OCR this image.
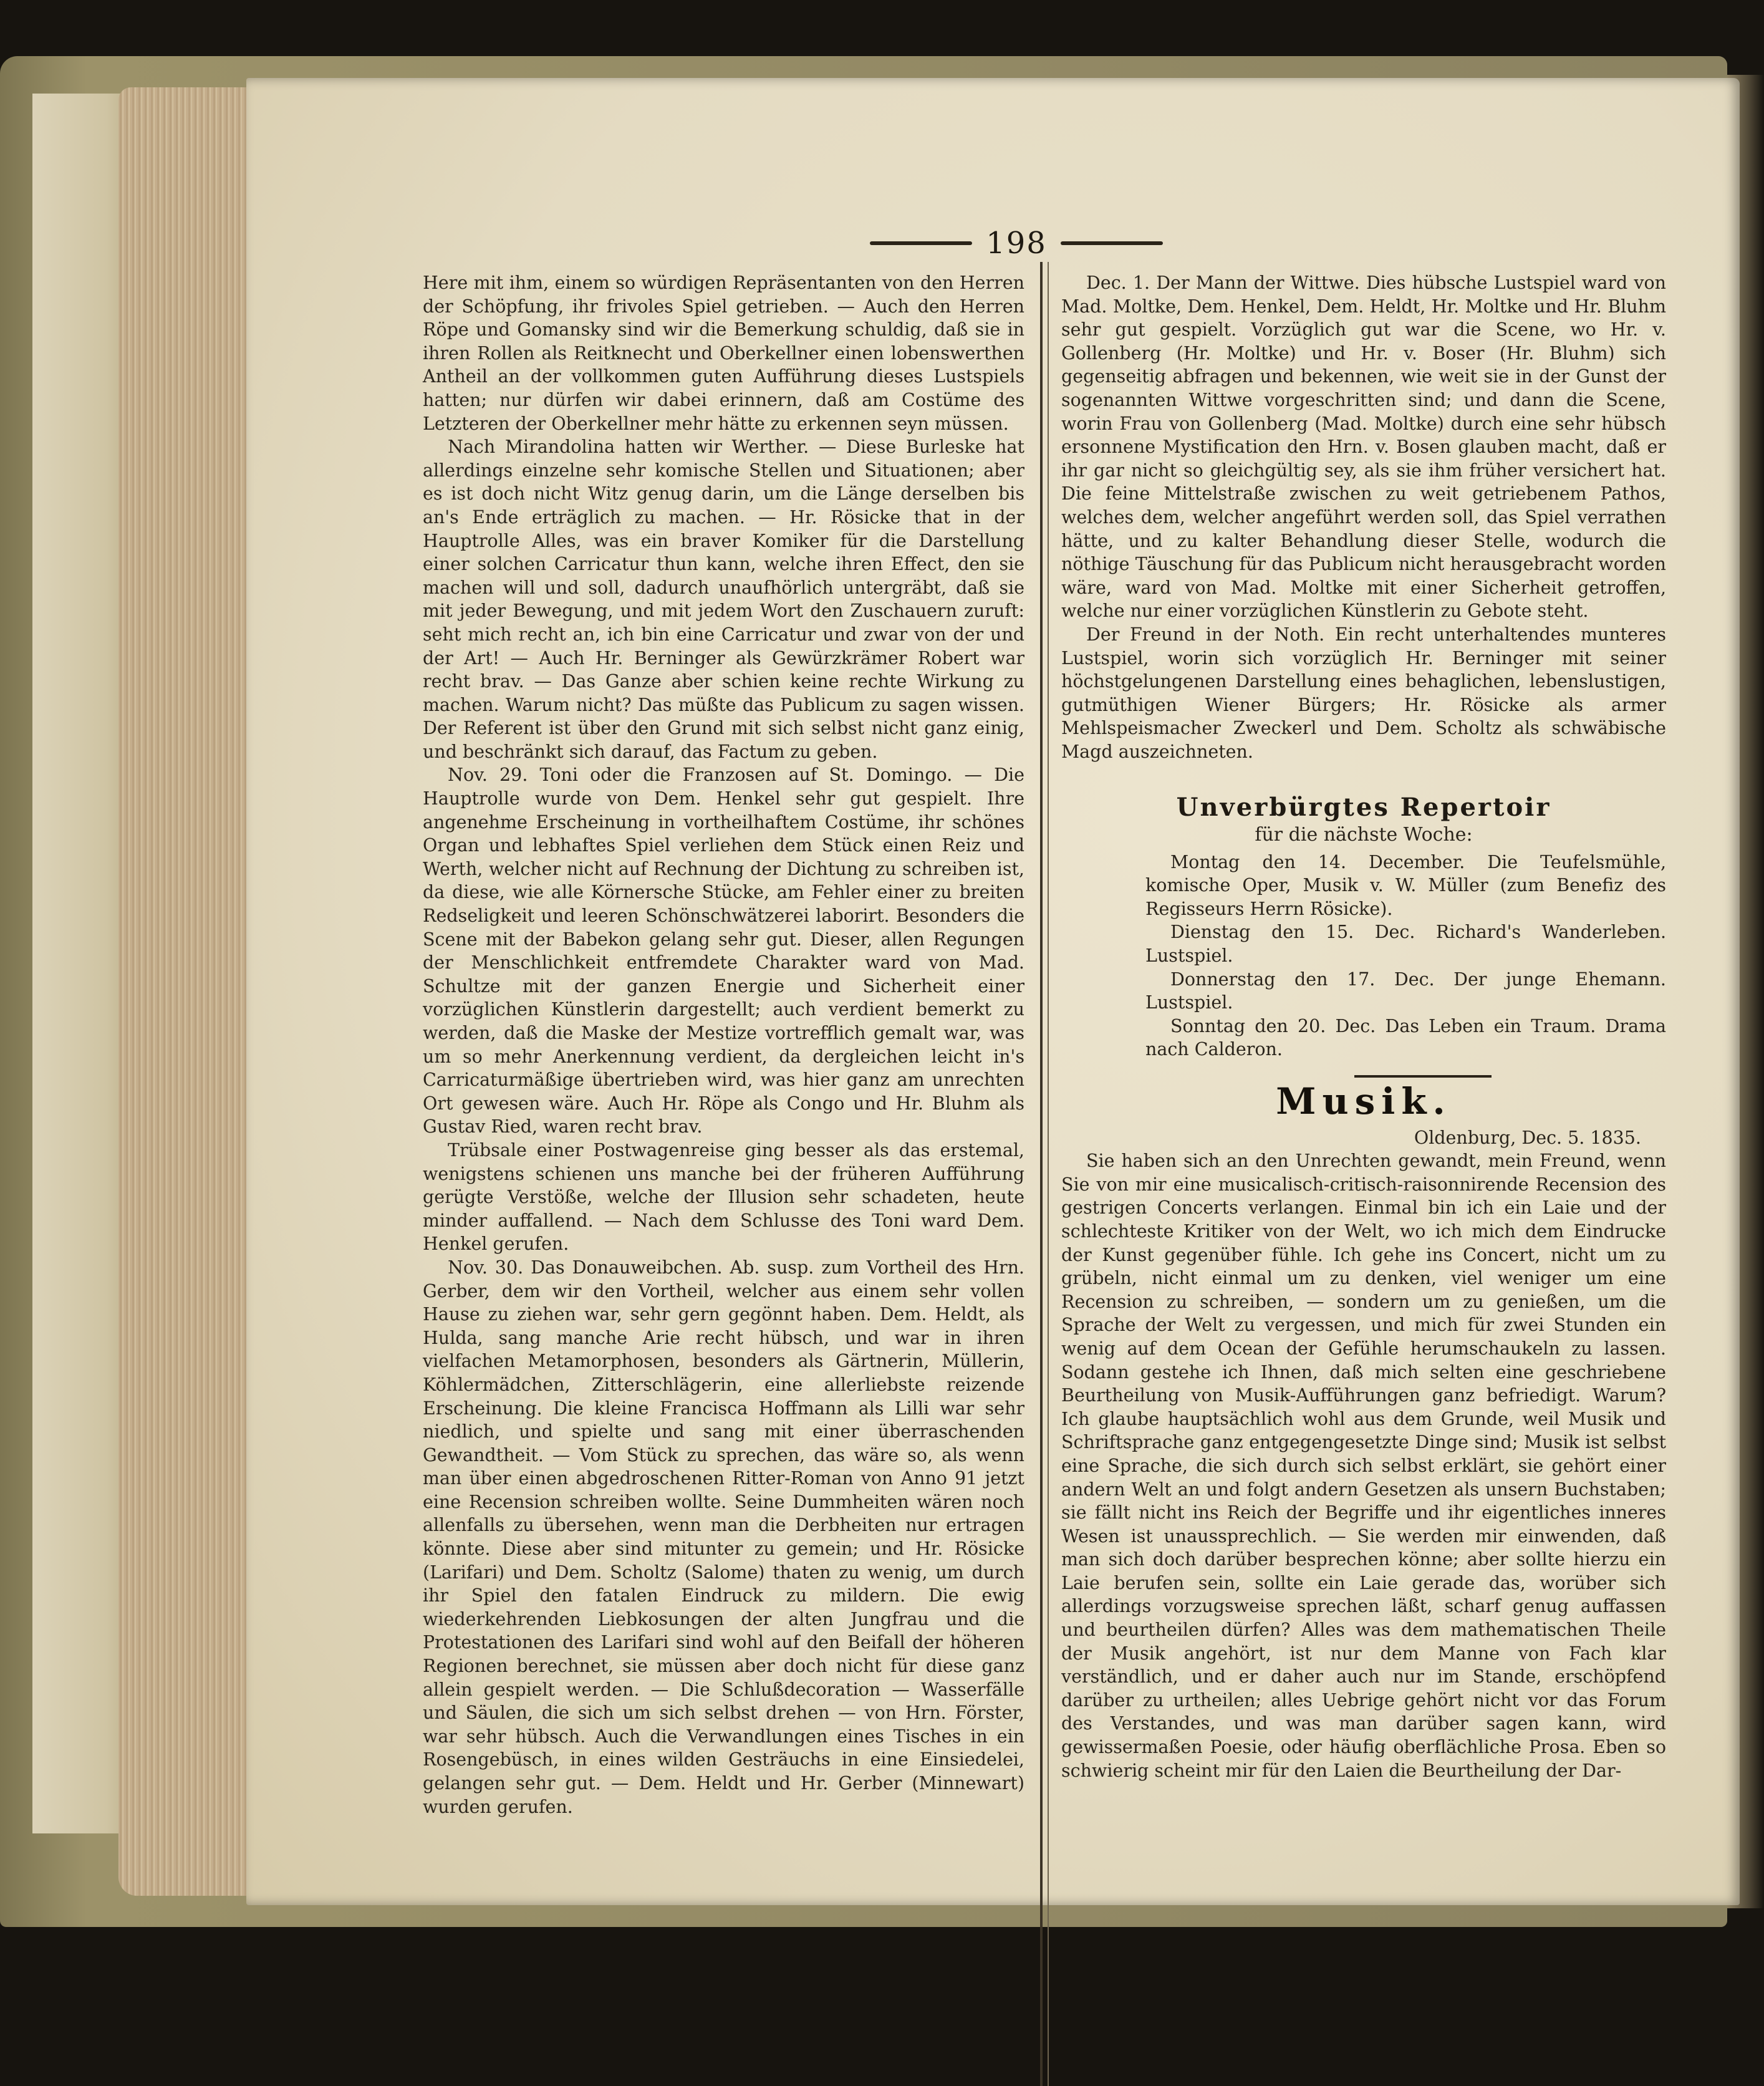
198

Here mit ihm, einem so würdigen Repräsentanten von den Herren der Schöpfung, ihr frivoles Spiel getrieben. — Auch den Herren Röpe und Gomansky sind wir die Bemerkung schuldig, daß sie in ihren Rollen als Reitknecht und Oberkellner einen lobenswerthen Antheil an der vollkommen guten Aufführung dieses Lustspiels hatten; nur dürfen wir dabei erinnern, daß am Costüme des Letzteren der Oberkellner mehr hätte zu erkennen seyn müssen.

Nach Mirandolina hatten wir Werther. — Diese Burleske hat allerdings einzelne sehr komische Stellen und Situationen; aber es ist doch nicht Witz genug darin, um die Länge derselben bis an's Ende erträglich zu machen. — Hr. Rösicke that in der Hauptrolle Alles, was ein braver Komiker für die Darstellung einer solchen Carricatur thun kann, welche ihren Effect, den sie machen will und soll, dadurch unaufhörlich untergräbt, daß sie mit jeder Bewegung, und mit jedem Wort den Zuschauern zuruft: seht mich recht an, ich bin eine Carricatur und zwar von der und der Art! — Auch Hr. Berninger als Gewürzkrämer Robert war recht brav. — Das Ganze aber schien keine rechte Wirkung zu machen. Warum nicht? Das müßte das Publicum zu sagen wissen. Der Referent ist über den Grund mit sich selbst nicht ganz einig, und beschränkt sich darauf, das Factum zu geben.

Nov. 29. Toni oder die Franzosen auf St. Domingo. — Die Hauptrolle wurde von Dem. Henkel sehr gut gespielt. Ihre angenehme Erscheinung in vortheilhaftem Costüme, ihr schönes Organ und lebhaftes Spiel verliehen dem Stück einen Reiz und Werth, welcher nicht auf Rechnung der Dichtung zu schreiben ist, da diese, wie alle Körnersche Stücke, am Fehler einer zu breiten Redseligkeit und leeren Schönschwätzerei laborirt. Besonders die Scene mit der Babekon gelang sehr gut. Dieser, allen Regungen der Menschlichkeit entfremdete Charakter ward von Mad. Schultze mit der ganzen Energie und Sicherheit einer vorzüglichen Künstlerin dargestellt; auch verdient bemerkt zu werden, daß die Maske der Mestize vortrefflich gemalt war, was um so mehr Anerkennung verdient, da dergleichen leicht in's Carricaturmäßige übertrieben wird, was hier ganz am unrechten Ort gewesen wäre. Auch Hr. Röpe als Congo und Hr. Bluhm als Gustav Ried, waren recht brav.

Trübsale einer Postwagenreise ging besser als das erstemal, wenigstens schienen uns manche bei der früheren Aufführung gerügte Verstöße, welche der Illusion sehr schadeten, heute minder auffallend. — Nach dem Schlusse des Toni ward Dem. Henkel gerufen.

Nov. 30. Das Donauweibchen. Ab. susp. zum Vortheil des Hrn. Gerber, dem wir den Vortheil, welcher aus einem sehr vollen Hause zu ziehen war, sehr gern gegönnt haben. Dem. Heldt, als Hulda, sang manche Arie recht hübsch, und war in ihren vielfachen Metamorphosen, besonders als Gärtnerin, Müllerin, Köhlermädchen, Zitterschlägerin, eine allerliebste reizende Erscheinung. Die kleine Francisca Hoffmann als Lilli war sehr niedlich, und spielte und sang mit einer überraschenden Gewandtheit. — Vom Stück zu sprechen, das wäre so, als wenn man über einen abgedroschenen Ritter-Roman von Anno 91 jetzt eine Recension schreiben wollte. Seine Dummheiten wären noch allenfalls zu übersehen, wenn man die Derbheiten nur ertragen könnte. Diese aber sind mitunter zu gemein; und Hr. Rösicke (Larifari) und Dem. Scholtz (Salome) thaten zu wenig, um durch ihr Spiel den fatalen Eindruck zu mildern. Die ewig wiederkehrenden Liebkosungen der alten Jungfrau und die Protestationen des Larifari sind wohl auf den Beifall der höheren Regionen berechnet, sie müssen aber doch nicht für diese ganz allein gespielt werden. — Die Schlußdecoration — Wasserfälle und Säulen, die sich um sich selbst drehen — von Hrn. Förster, war sehr hübsch. Auch die Verwandlungen eines Tisches in ein Rosengebüsch, in eines wilden Gesträuchs in eine Einsiedelei, gelangen sehr gut. — Dem. Heldt und Hr. Gerber (Minnewart) wurden gerufen.

Dec. 1. Der Mann der Wittwe. Dies hübsche Lustspiel ward von Mad. Moltke, Dem. Henkel, Dem. Heldt, Hr. Moltke und Hr. Bluhm sehr gut gespielt. Vorzüglich gut war die Scene, wo Hr. v. Gollenberg (Hr. Moltke) und Hr. v. Boser (Hr. Bluhm) sich gegenseitig abfragen und bekennen, wie weit sie in der Gunst der sogenannten Wittwe vorgeschritten sind; und dann die Scene, worin Frau von Gollenberg (Mad. Moltke) durch eine sehr hübsch ersonnene Mystification den Hrn. v. Bosen glauben macht, daß er ihr gar nicht so gleichgültig sey, als sie ihm früher versichert hat. Die feine Mittelstraße zwischen zu weit getriebenem Pathos, welches dem, welcher angeführt werden soll, das Spiel verrathen hätte, und zu kalter Behandlung dieser Stelle, wodurch die nöthige Täuschung für das Publicum nicht herausgebracht worden wäre, ward von Mad. Moltke mit einer Sicherheit getroffen, welche nur einer vorzüglichen Künstlerin zu Gebote steht.

Der Freund in der Noth. Ein recht unterhaltendes munteres Lustspiel, worin sich vorzüglich Hr. Berninger mit seiner höchstgelungenen Darstellung eines behaglichen, lebenslustigen, gutmüthigen Wiener Bürgers; Hr. Rösicke als armer Mehlspeismacher Zweckerl und Dem. Scholtz als schwäbische Magd auszeichneten.

Unverbürgtes Repertoir
für die nächste Woche:

Montag den 14. December. Die Teufelsmühle, komische Oper, Musik v. W. Müller (zum Benefiz des Regisseurs Herrn Rösicke).

Dienstag den 15. Dec. Richard's Wanderleben. Lustspiel.

Donnerstag den 17. Dec. Der junge Ehemann. Lustspiel.

Sonntag den 20. Dec. Das Leben ein Traum. Drama nach Calderon.

Musik.

Oldenburg, Dec. 5. 1835.

Sie haben sich an den Unrechten gewandt, mein Freund, wenn Sie von mir eine musicalisch-critisch-raisonnirende Recension des gestrigen Concerts verlangen. Einmal bin ich ein Laie und der schlechteste Kritiker von der Welt, wo ich mich dem Eindrucke der Kunst gegenüber fühle. Ich gehe ins Concert, nicht um zu grübeln, nicht einmal um zu denken, viel weniger um eine Recension zu schreiben, — sondern um zu genießen, um die Sprache der Welt zu vergessen, und mich für zwei Stunden ein wenig auf dem Ocean der Gefühle herumschaukeln zu lassen. Sodann gestehe ich Ihnen, daß mich selten eine geschriebene Beurtheilung von Musik-Aufführungen ganz befriedigt. Warum? Ich glaube hauptsächlich wohl aus dem Grunde, weil Musik und Schriftsprache ganz entgegengesetzte Dinge sind; Musik ist selbst eine Sprache, die sich durch sich selbst erklärt, sie gehört einer andern Welt an und folgt andern Gesetzen als unsern Buchstaben; sie fällt nicht ins Reich der Begriffe und ihr eigentliches inneres Wesen ist unaussprechlich. — Sie werden mir einwenden, daß man sich doch darüber besprechen könne; aber sollte hierzu ein Laie berufen sein, sollte ein Laie gerade das, worüber sich allerdings vorzugsweise sprechen läßt, scharf genug auffassen und beurtheilen dürfen? Alles was dem mathematischen Theile der Musik angehört, ist nur dem Manne von Fach klar verständlich, und er daher auch nur im Stande, erschöpfend darüber zu urtheilen; alles Uebrige gehört nicht vor das Forum des Verstandes, und was man darüber sagen kann, wird gewissermaßen Poesie, oder häufig oberflächliche Prosa. Eben so schwierig scheint mir für den Laien die Beurtheilung der Dar-
